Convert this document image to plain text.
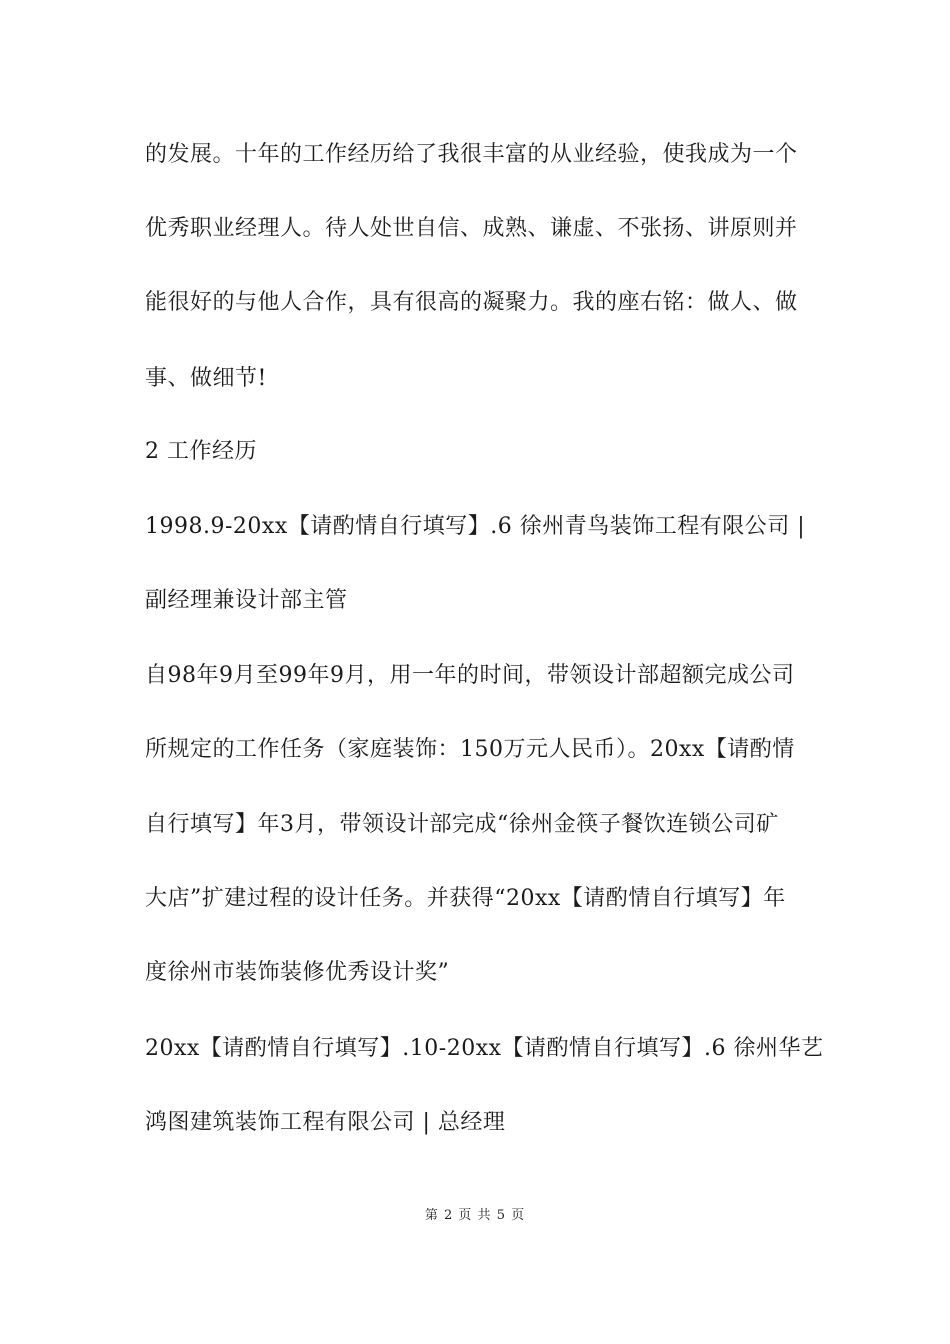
的发展。十年的工作经历给了我很丰富的从业经验，使我成为一个
优秀职业经理人。待人处世自信、成熟、谦虚、不张扬、讲原则并
能很好的与他人合作，具有很高的凝聚力。我的座右铭：做人、做
事、做细节!
2 工作经历
1998.9-20xx【请酌情自行填写】.6 徐州青鸟装饰工程有限公司 |
副经理兼设计部主管
自98年9月至99年9月，用一年的时间，带领设计部超额完成公司
所规定的工作任务（家庭装饰：150万元人民币）。20xx【请酌情
自行填写】年3月，带领设计部完成“徐州金筷子餐饮连锁公司矿
大店”扩建过程的设计任务。并获得“20xx【请酌情自行填写】年
度徐州市装饰装修优秀设计奖”
20xx【请酌情自行填写】.10-20xx【请酌情自行填写】.6 徐州华艺
鸿图建筑装饰工程有限公司 | 总经理
第 2 页 共 5 页
